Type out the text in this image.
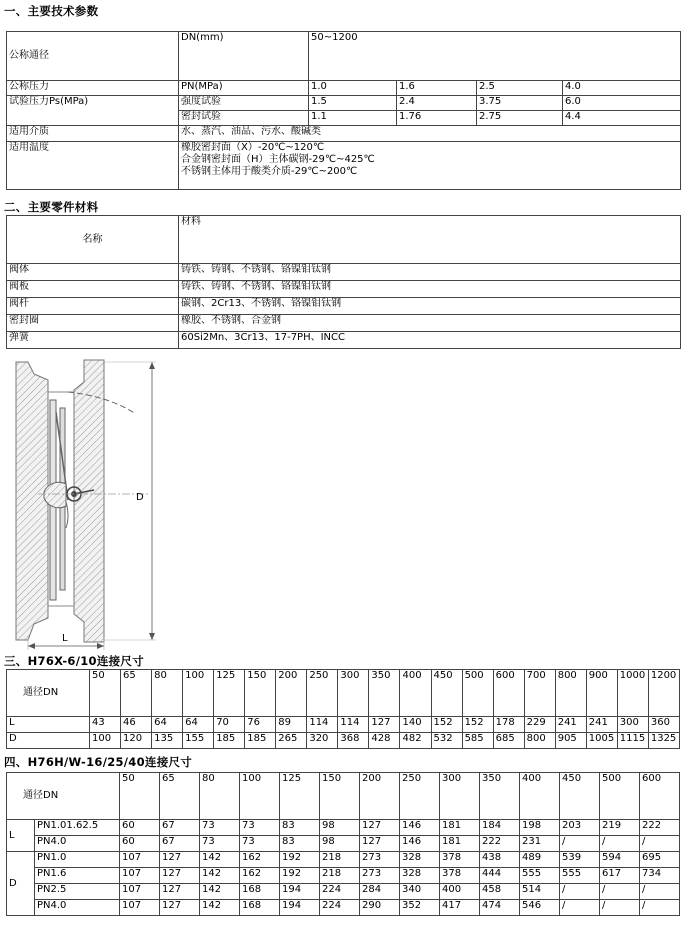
一、主要技术参数
公称通径	DN(mm)	50~1200			
公称压力	PN(MPa)	1.0	1.6	2.5	4.0
试验压力Ps(MPa)	强度试验	1.5	2.4	3.75	6.0
	密封试验	1.1	1.76	2.75	4.4
适用介质	水、蒸汽、油品、污水、酸碱类				
适用温度	橡胶密封面（X）-20℃~120℃
合金钢密封面（H）主体碳钢-29℃~425℃
不锈钢主体用于酸类介质-29℃~200℃				
二、主要零件材料
名称	材料
阀体	铸铁、铸钢、不锈钢、铬镍钼钛钢
阀板	铸铁、铸钢、不锈钢、铬镍钼钛钢
阀杆	碳钢、2Cr13、不锈钢、铬镍钼钛钢
密封圈	橡胶、不锈钢、合金钢
弹簧	60Si2Mn、3Cr13、17-7PH、INCC
D
L
三、H76X-6/10连接尺寸
通径DN	50	65	80	100	125	150	200	250	300	350	400	450	500	600	700	800	900	1000	1200
L	43	46	64	64	70	76	89	114	114	127	140	152	152	178	229	241	241	300	360
D	100	120	135	155	185	185	265	320	368	428	482	532	585	685	800	905	1005	1115	1325
四、H76H/W-16/25/40连接尺寸
通径DN		50	65	80	100	125	150	200	250	300	350	400	450	500	600
L	PN1.01.62.5	60	67	73	73	83	98	127	146	181	184	198	203	219	222
	PN4.0	60	67	73	73	83	98	127	146	181	222	231	/	/	/
D	PN1.0	107	127	142	162	192	218	273	328	378	438	489	539	594	695
	PN1.6	107	127	142	162	192	218	273	328	378	444	555	555	617	734
	PN2.5	107	127	142	168	194	224	284	340	400	458	514	/	/	/
	PN4.0	107	127	142	168	194	224	290	352	417	474	546	/	/	/
